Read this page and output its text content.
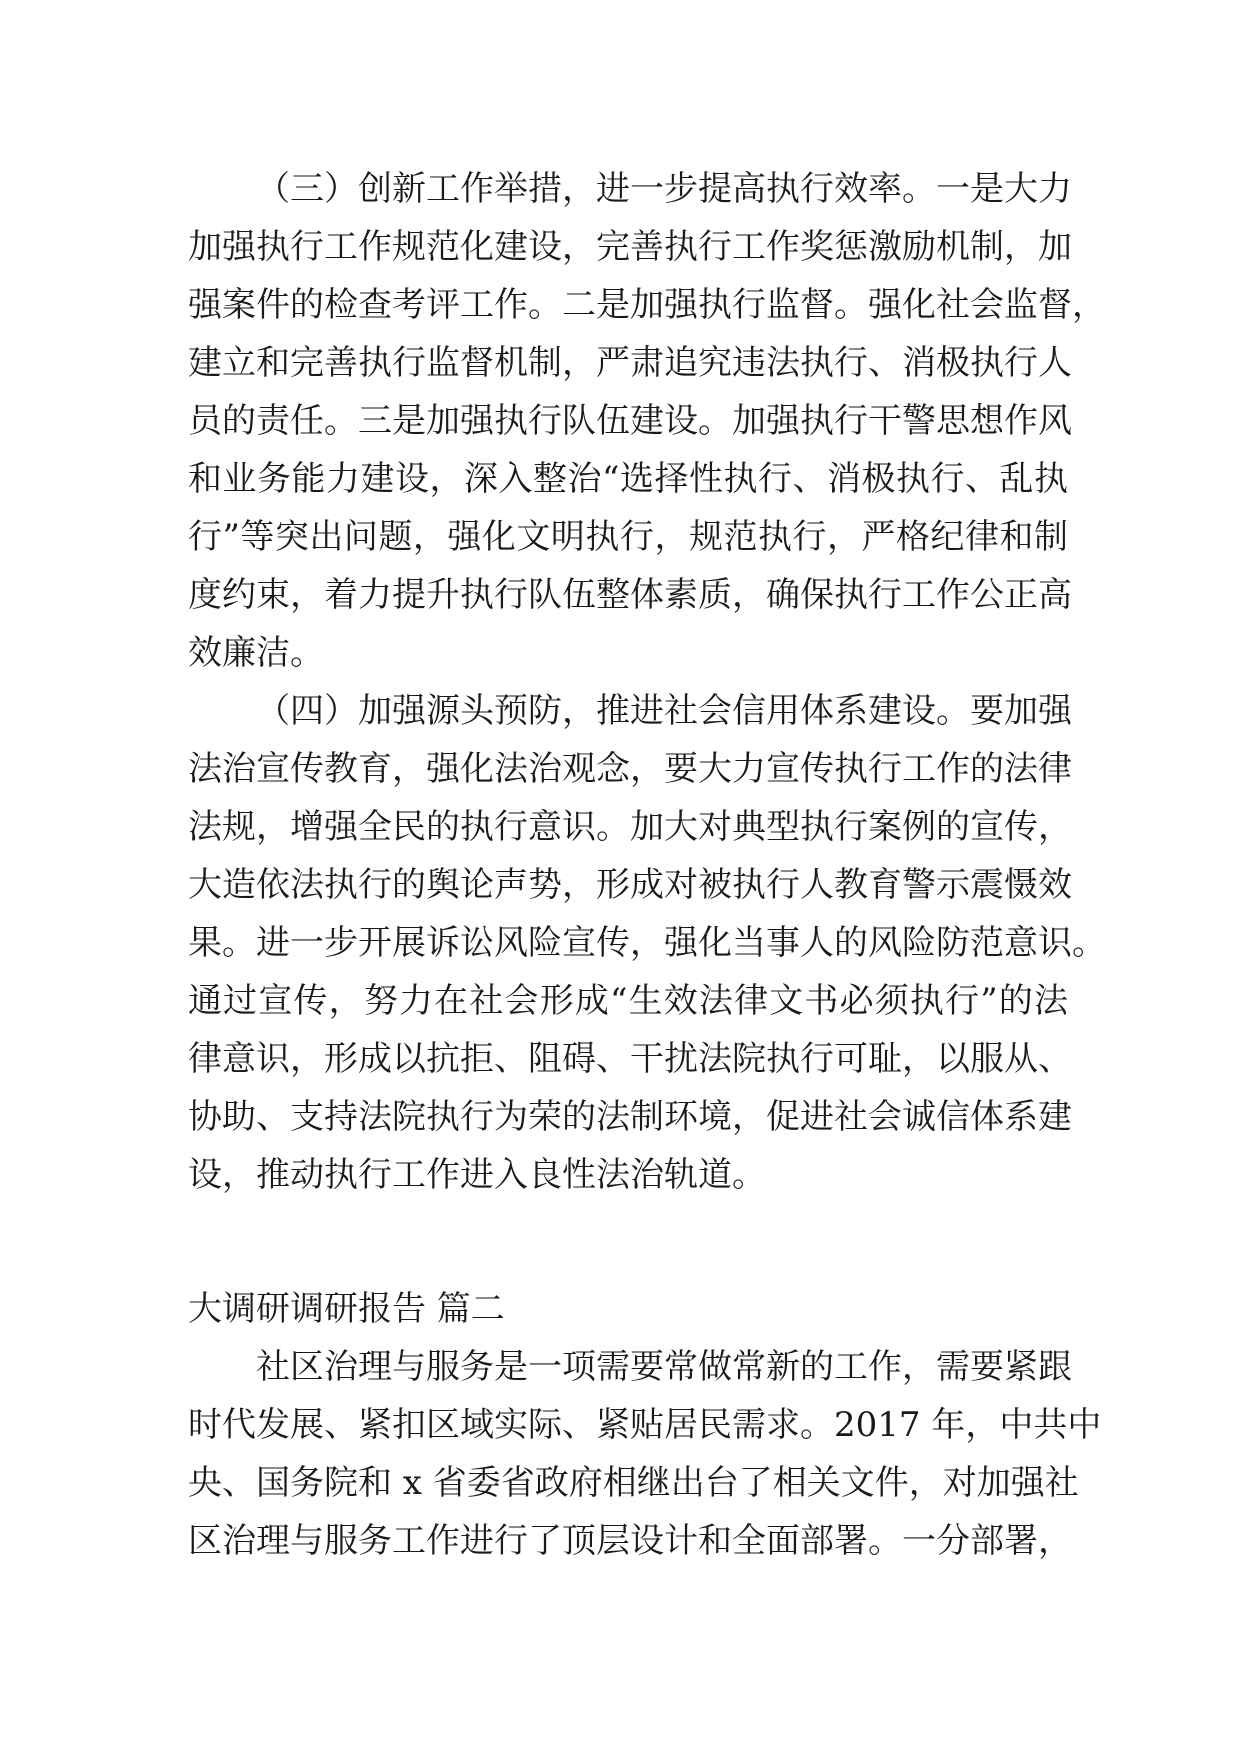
（三）创新工作举措，进一步提高执行效率。一是大力
加强执行工作规范化建设，完善执行工作奖惩激励机制，加
强案件的检查考评工作。二是加强执行监督。强化社会监督，
建立和完善执行监督机制，严肃追究违法执行、消极执行人
员的责任。三是加强执行队伍建设。加强执行干警思想作风
和业务能力建设，深入整治“选择性执行、消极执行、乱执
行”等突出问题，强化文明执行，规范执行，严格纪律和制
度约束，着力提升执行队伍整体素质，确保执行工作公正高
效廉洁。
（四）加强源头预防，推进社会信用体系建设。要加强
法治宣传教育，强化法治观念，要大力宣传执行工作的法律
法规，增强全民的执行意识。加大对典型执行案例的宣传，
大造依法执行的舆论声势，形成对被执行人教育警示震慑效
果。进一步开展诉讼风险宣传，强化当事人的风险防范意识。
通过宣传，努力在社会形成“生效法律文书必须执行”的法
律意识，形成以抗拒、阻碍、干扰法院执行可耻，以服从、
协助、支持法院执行为荣的法制环境，促进社会诚信体系建
设，推动执行工作进入良性法治轨道。
大调研调研报告 篇二
社区治理与服务是一项需要常做常新的工作，需要紧跟
时代发展、紧扣区域实际、紧贴居民需求。2017 年，中共中
央、国务院和 x 省委省政府相继出台了相关文件，对加强社
区治理与服务工作进行了顶层设计和全面部署。一分部署，
